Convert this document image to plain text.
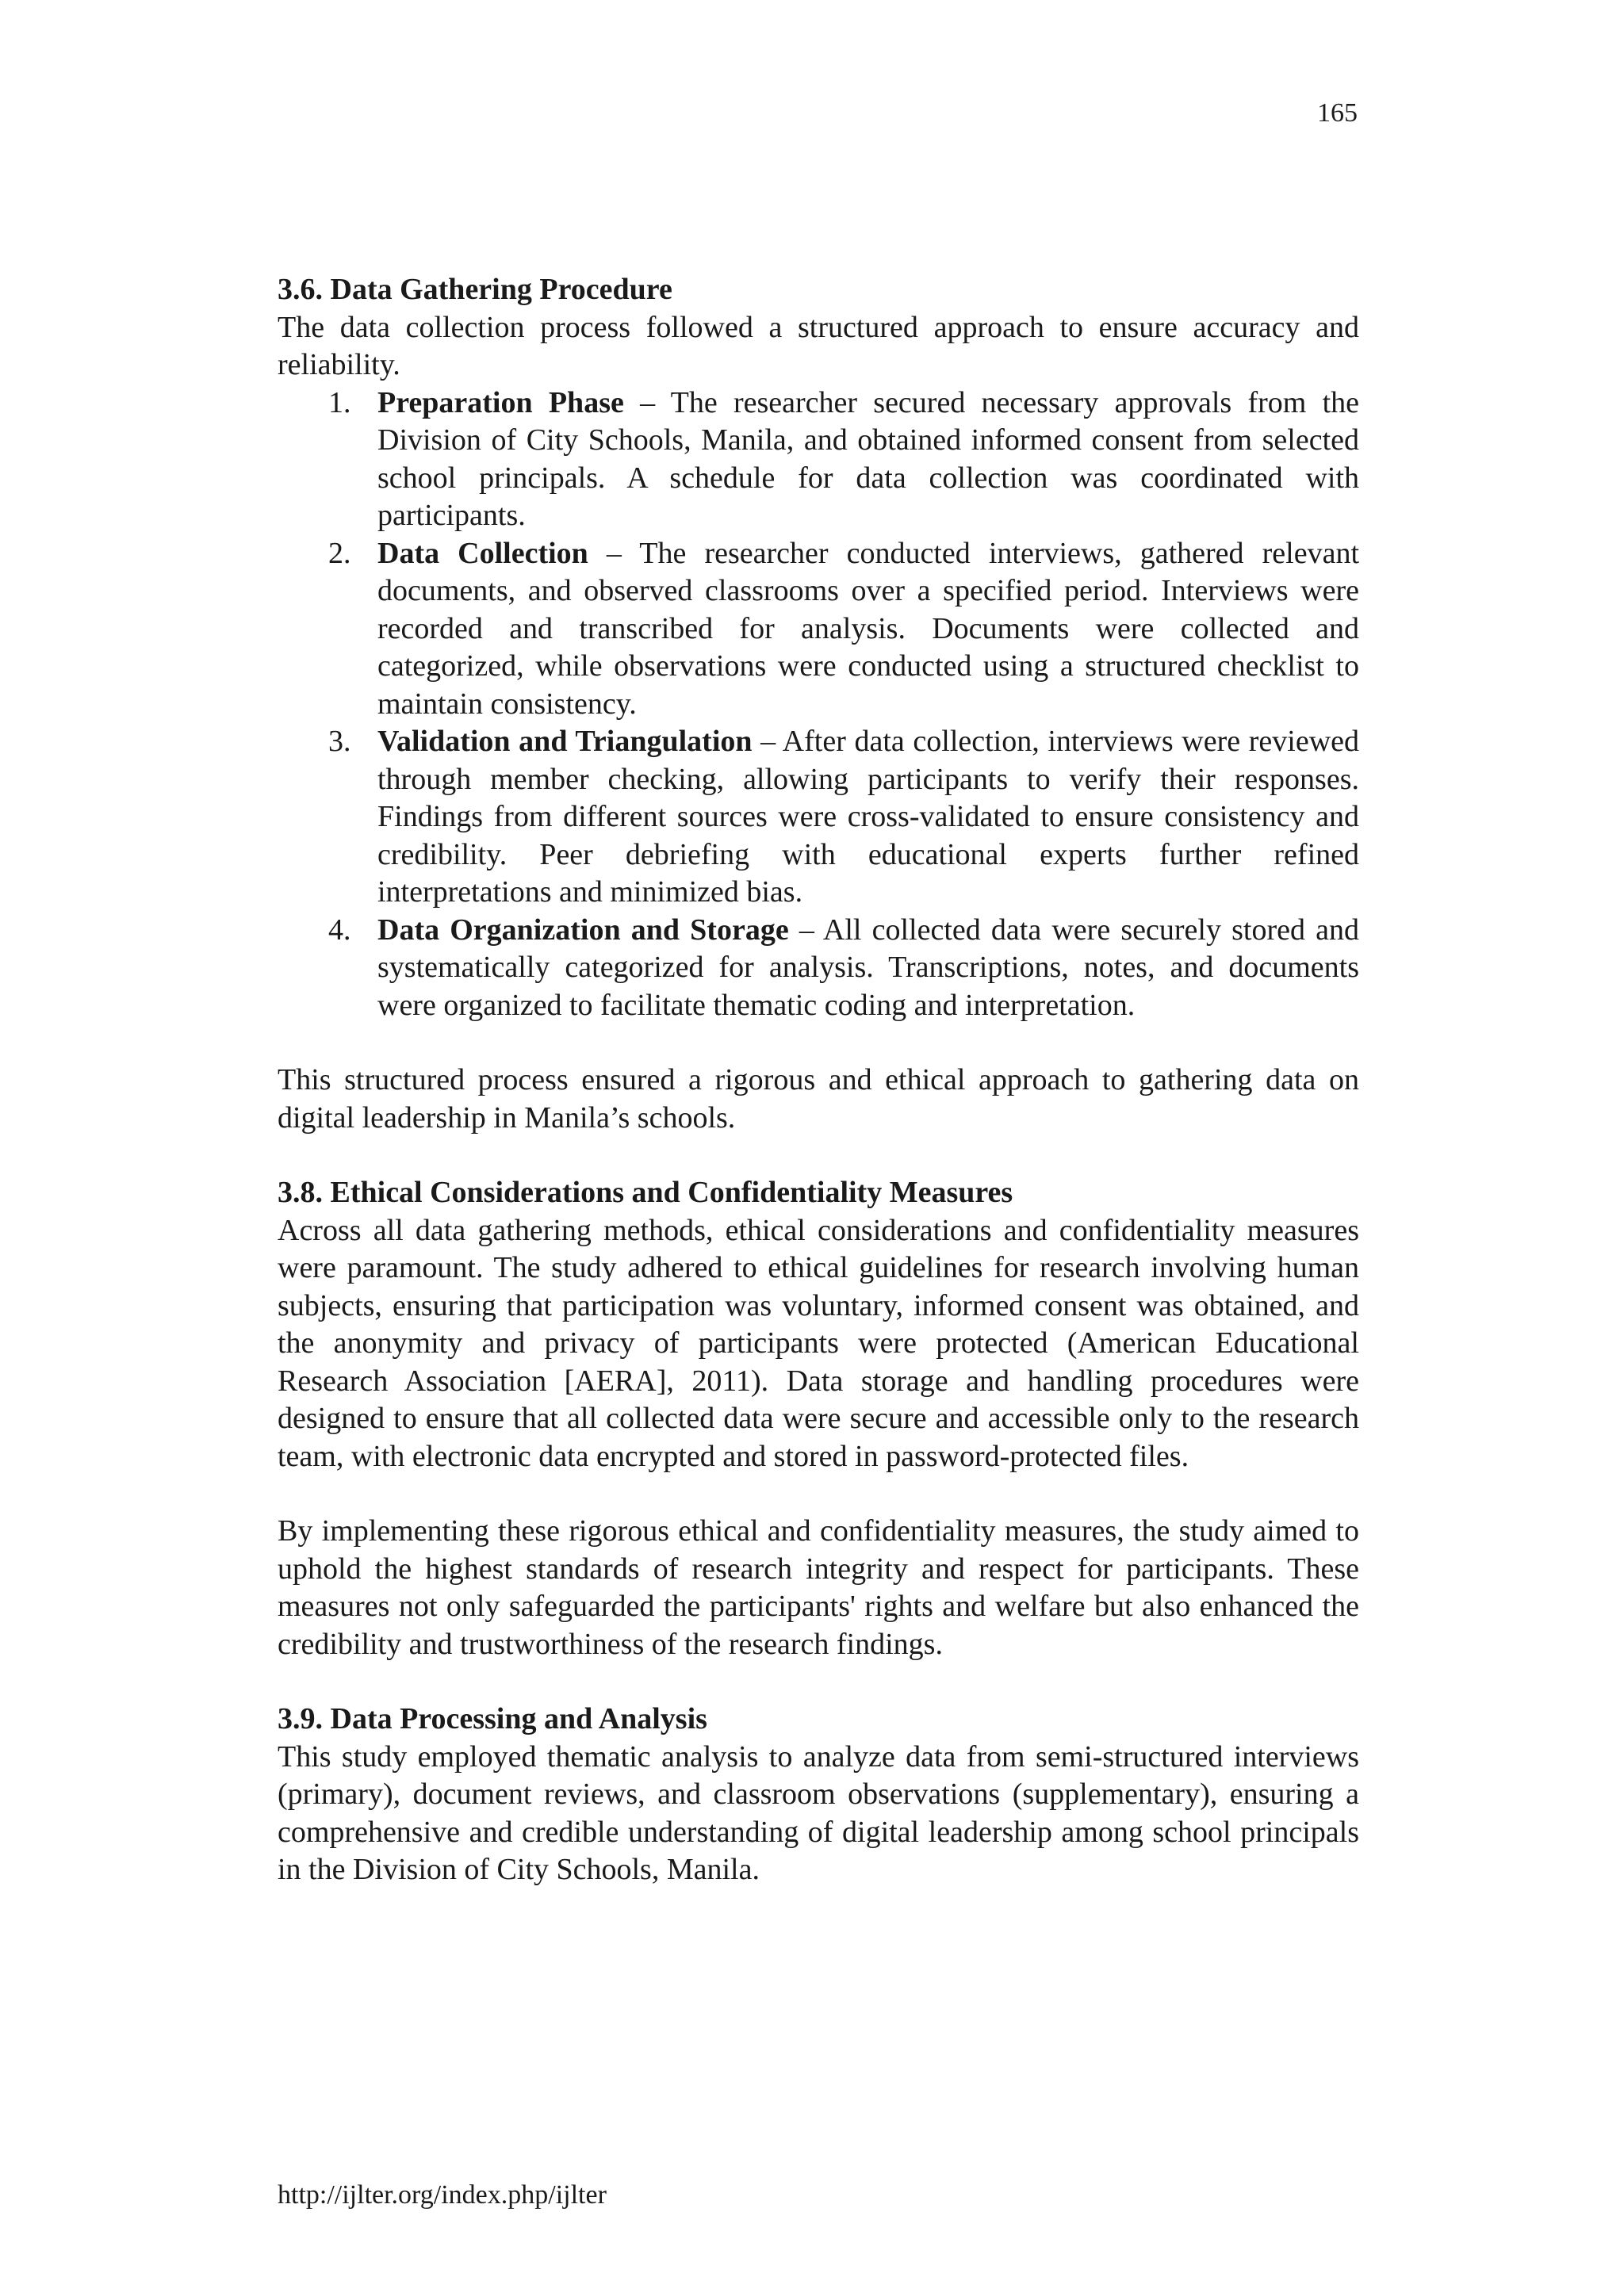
165

3.6. Data Gathering Procedure

The data collection process followed a structured approach to ensure accuracy and reliability.

1. Preparation Phase – The researcher secured necessary approvals from the Division of City Schools, Manila, and obtained informed consent from selected school principals. A schedule for data collection was coordinated with participants.
2. Data Collection – The researcher conducted interviews, gathered relevant documents, and observed classrooms over a specified period. Interviews were recorded and transcribed for analysis. Documents were collected and categorized, while observations were conducted using a structured checklist to maintain consistency.
3. Validation and Triangulation – After data collection, interviews were reviewed through member checking, allowing participants to verify their responses. Findings from different sources were cross-validated to ensure consistency and credibility. Peer debriefing with educational experts further refined interpretations and minimized bias.
4. Data Organization and Storage – All collected data were securely stored and systematically categorized for analysis. Transcriptions, notes, and documents were organized to facilitate thematic coding and interpretation.

This structured process ensured a rigorous and ethical approach to gathering data on digital leadership in Manila’s schools.

3.8. Ethical Considerations and Confidentiality Measures

Across all data gathering methods, ethical considerations and confidentiality measures were paramount. The study adhered to ethical guidelines for research involving human subjects, ensuring that participation was voluntary, informed consent was obtained, and the anonymity and privacy of participants were protected (American Educational Research Association [AERA], 2011). Data storage and handling procedures were designed to ensure that all collected data were secure and accessible only to the research team, with electronic data encrypted and stored in password-protected files.

By implementing these rigorous ethical and confidentiality measures, the study aimed to uphold the highest standards of research integrity and respect for participants. These measures not only safeguarded the participants' rights and welfare but also enhanced the credibility and trustworthiness of the research findings.

3.9. Data Processing and Analysis

This study employed thematic analysis to analyze data from semi-structured interviews (primary), document reviews, and classroom observations (supplementary), ensuring a comprehensive and credible understanding of digital leadership among school principals in the Division of City Schools, Manila.

http://ijlter.org/index.php/ijlter
